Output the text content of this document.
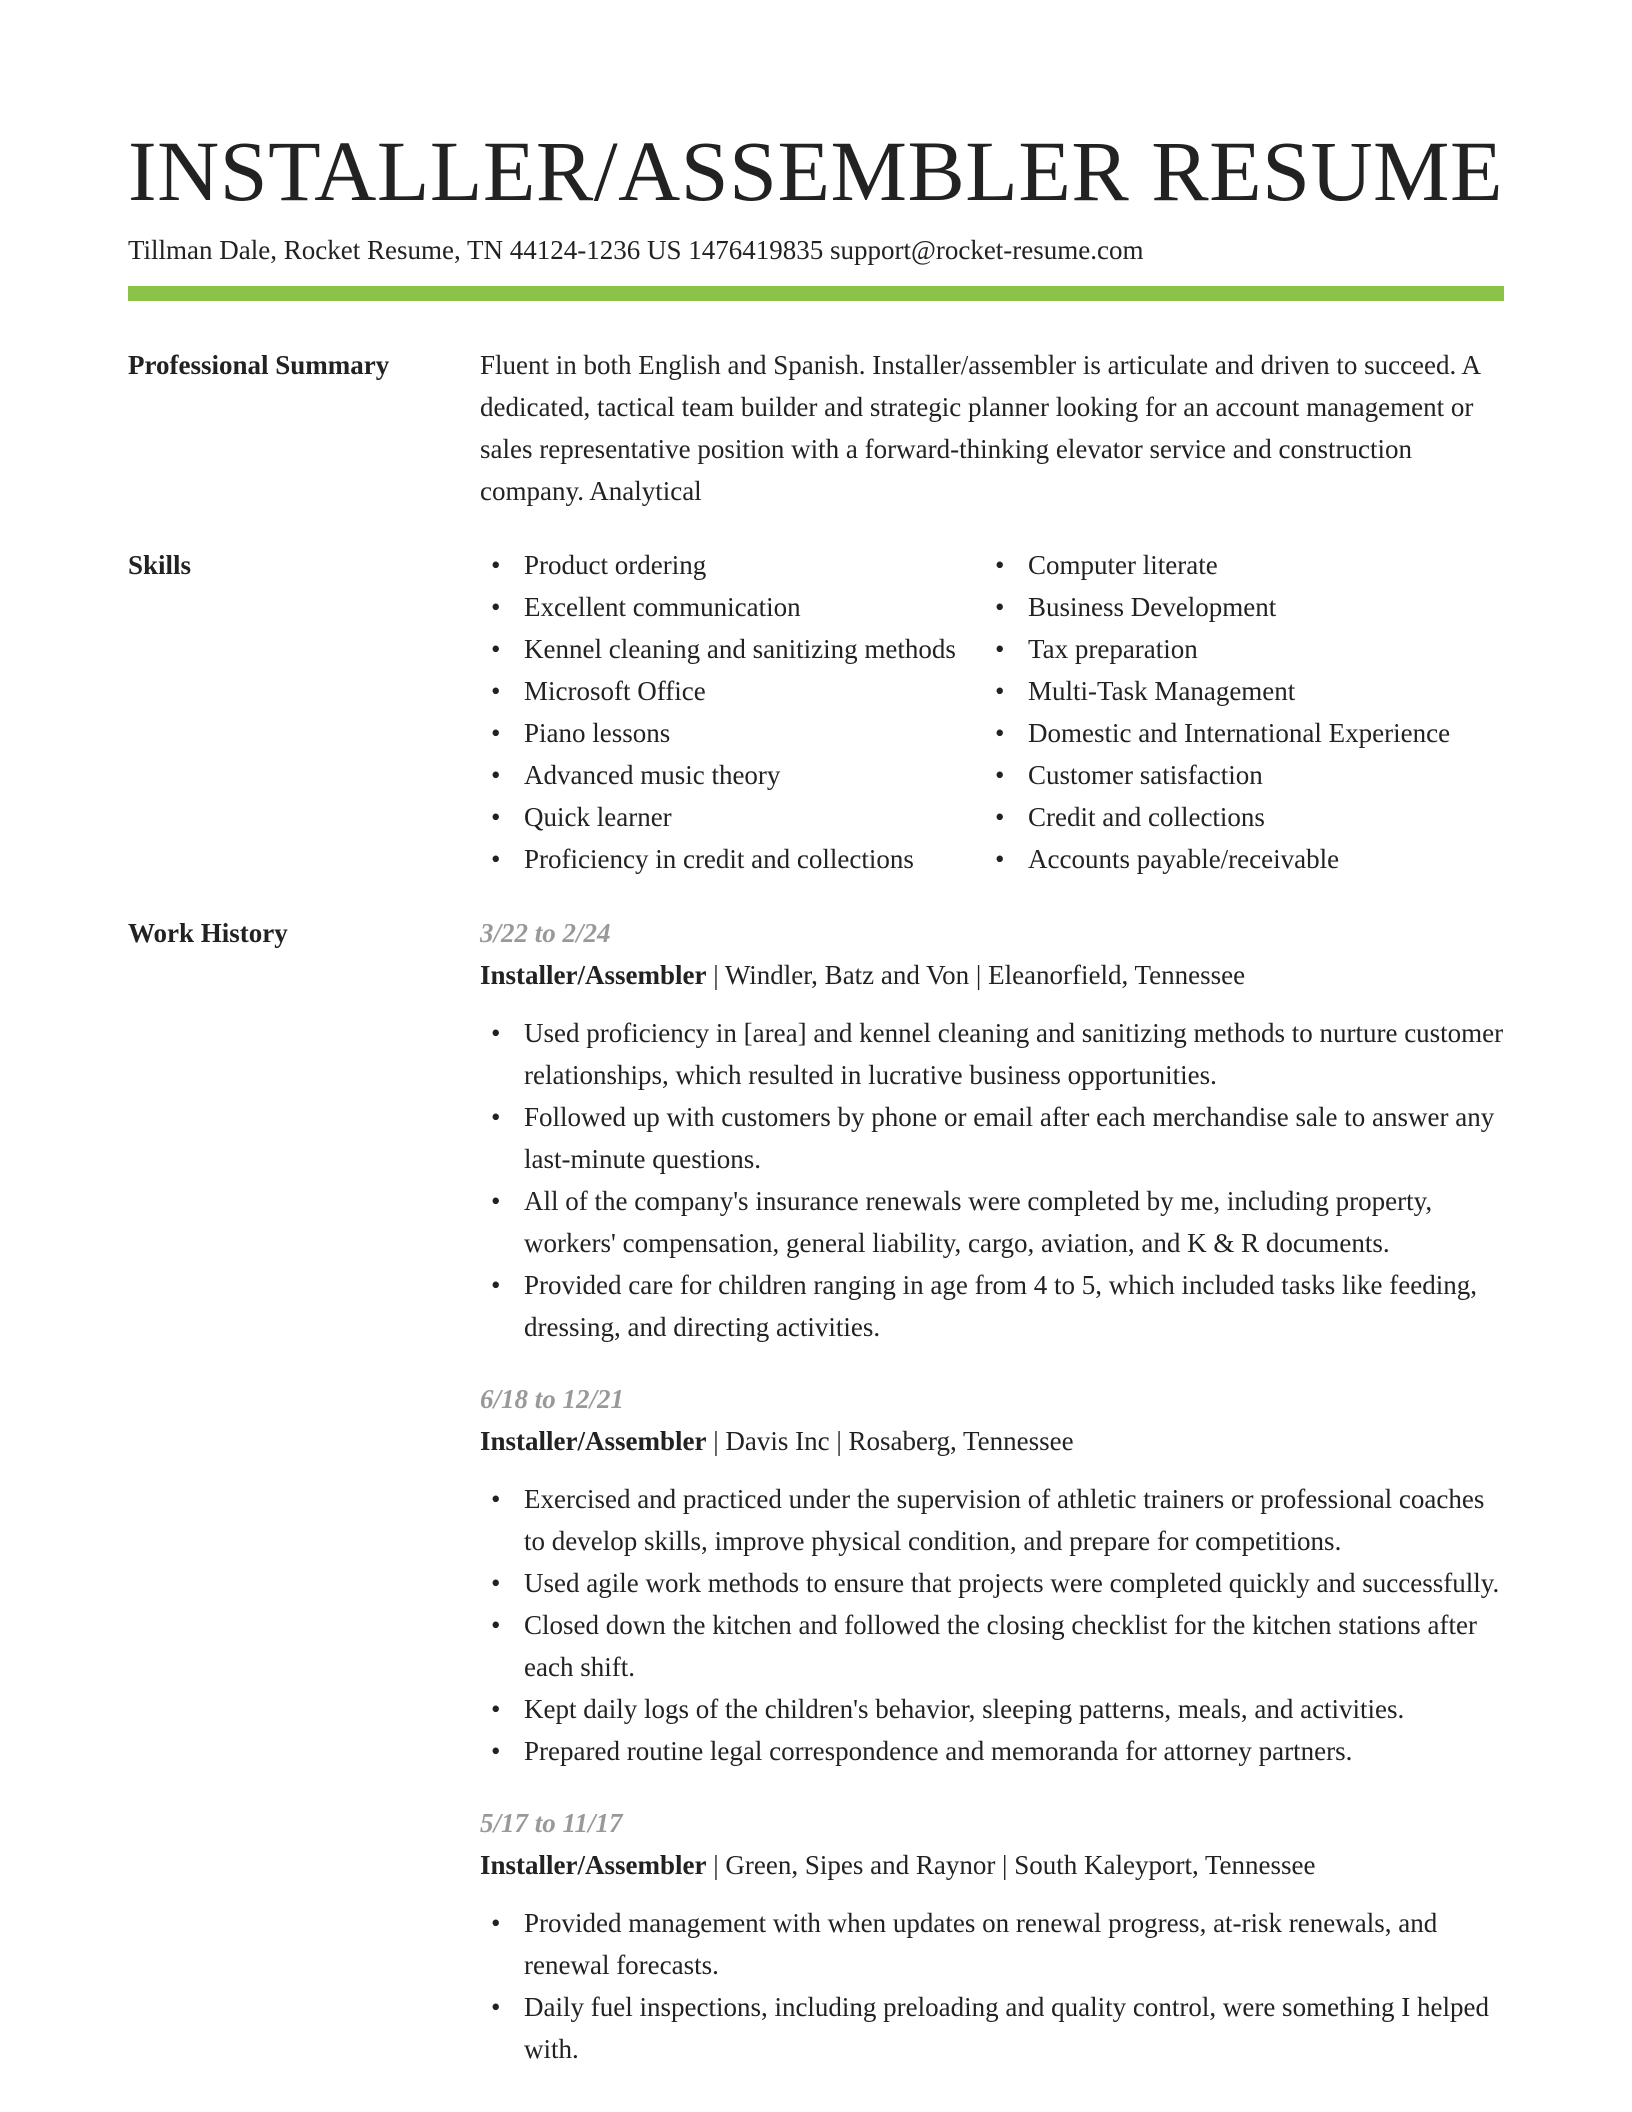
INSTALLER/ASSEMBLER RESUME
Tillman Dale, Rocket Resume, TN 44124-1236 US 1476419835 support@rocket-resume.com
Professional Summary	Fluent in both English and Spanish. Installer/assembler is articulate and driven to succeed. A dedicated, tactical team builder and strategic planner looking for an account management or sales representative position with a forward-thinking elevator service and construction company. Analytical

Skills
•	Product ordering
• Excellent communication
• Kennel cleaning and sanitizing methods
• Microsoft Office
• Piano lessons
• Advanced music theory
• Quick learner
• Proficiency in credit and collections
• Computer literate
• Business Development
• Tax preparation
• Multi-Task Management
• Domestic and International Experience
• Customer satisfaction
• Credit and collections
• Accounts payable/receivable
Work History	3/22 to 2/24
Installer/Assembler | Windler, Batz and Von | Eleanorfield, Tennessee
• Used proficiency in [area] and kennel cleaning and sanitizing methods to nurture customer relationships, which resulted in lucrative business opportunities.
• Followed up with customers by phone or email after each merchandise sale to answer any last-minute questions.
• All of the company's insurance renewals were completed by me, including property, workers' compensation, general liability, cargo, aviation, and K & R documents.
• Provided care for children ranging in age from 4 to 5, which included tasks like feeding, dressing, and directing activities.
6/18 to 12/21
Installer/Assembler | Davis Inc | Rosaberg, Tennessee
• Exercised and practiced under the supervision of athletic trainers or professional coaches to develop skills, improve physical condition, and prepare for competitions.
• Used agile work methods to ensure that projects were completed quickly and successfully.
• Closed down the kitchen and followed the closing checklist for the kitchen stations after each shift.
• Kept daily logs of the children's behavior, sleeping patterns, meals, and activities.
• Prepared routine legal correspondence and memoranda for attorney partners.
5/17 to 11/17
Installer/Assembler | Green, Sipes and Raynor | South Kaleyport, Tennessee
• Provided management with when updates on renewal progress, at-risk renewals, and renewal forecasts.
• Daily fuel inspections, including preloading and quality control, were something I helped with.
